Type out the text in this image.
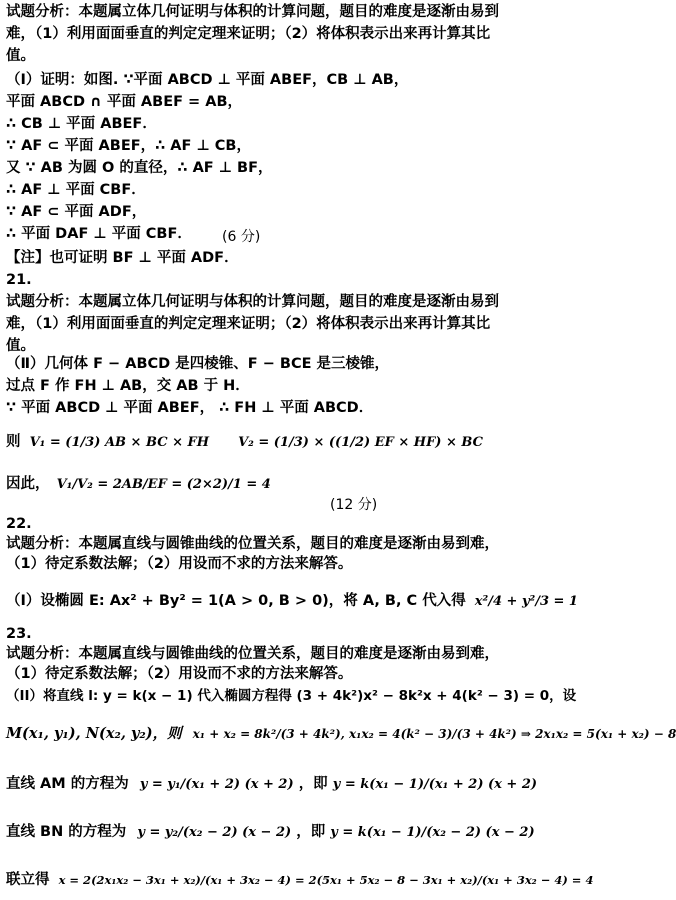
试题分析：本题属立体几何证明与体积的计算问题，题目的难度是逐渐由易到
难，（1）利用面面垂直的判定定理来证明；（2）将体积表示出来再计算其比
值。
（Ⅰ）证明：如图. ∵平面 ABCD ⊥ 平面 ABEF，CB ⊥ AB，
平面 ABCD ∩ 平面 ABEF = AB，
∴ CB ⊥ 平面 ABEF．
∵ AF ⊂ 平面 ABEF，∴ AF ⊥ CB，
又 ∵ AB 为圆 O 的直径，∴ AF ⊥ BF，
∴ AF ⊥ 平面 CBF．
∵ AF ⊂ 平面 ADF，
∴ 平面 DAF ⊥ 平面 CBF．	(6 分)
【注】也可证明 BF ⊥ 平面 ADF．
21.
试题分析：本题属立体几何证明与体积的计算问题，题目的难度是逐渐由易到
难，（1）利用面面垂直的判定定理来证明；（2）将体积表示出来再计算其比
值。
（Ⅱ）几何体 F − ABCD 是四棱锥、F − BCE 是三棱锥，
过点 F 作 FH ⊥ AB，交 AB 于 H．
∵ 平面 ABCD ⊥ 平面 ABEF， ∴ FH ⊥ 平面 ABCD．
则 V₁ = (1/3) AB × BC × FH V₂ = (1/3) × ((1/2) EF × HF) × BC
因此， V₁/V₂ = 2AB/EF = (2×2)/1 = 4
(12 分)
22.
试题分析：本题属直线与圆锥曲线的位置关系，题目的难度是逐渐由易到难，
（1）待定系数法解；（2）用设而不求的方法来解答。
（I）设椭圆 E: Ax² + By² = 1(A > 0, B > 0)，将 A, B, C 代入得 x²/4 + y²/3 = 1
23.
试题分析：本题属直线与圆锥曲线的位置关系，题目的难度是逐渐由易到难，
（1）待定系数法解；（2）用设而不求的方法来解答。
（II）将直线 l: y = k(x − 1) 代入椭圆方程得 (3 + 4k²)x² − 8k²x + 4(k² − 3) = 0，设
M(x₁, y₁), N(x₂, y₂)，则 x₁ + x₂ = 8k²/(3 + 4k²), x₁x₂ = 4(k² − 3)/(3 + 4k²) ⇒ 2x₁x₂ = 5(x₁ + x₂) − 8
直线 AM 的方程为 y = y₁/(x₁ + 2) (x + 2) ，即 y = k(x₁ − 1)/(x₁ + 2) (x + 2)
直线 BN 的方程为 y = y₂/(x₂ − 2) (x − 2) ，即 y = k(x₁ − 1)/(x₂ − 2) (x − 2)
联立得 x = 2(2x₁x₂ − 3x₁ + x₂)/(x₁ + 3x₂ − 4) = 2(5x₁ + 5x₂ − 8 − 3x₁ + x₂)/(x₁ + 3x₂ − 4) = 4
